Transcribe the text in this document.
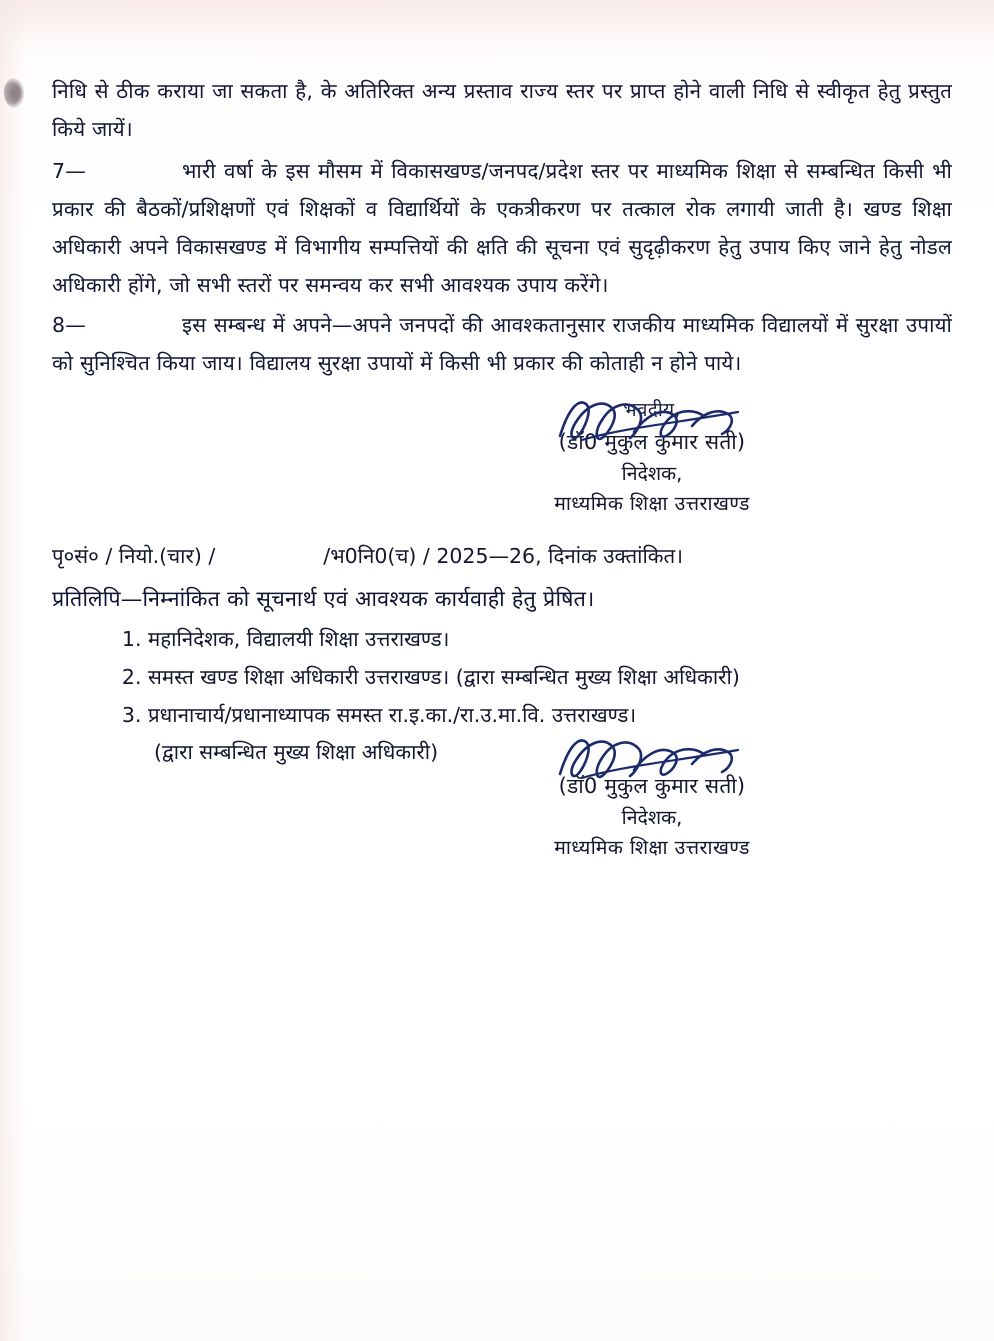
निधि से ठीक कराया जा सकता है, के अतिरिक्त अन्य प्रस्ताव राज्य स्तर पर प्राप्त होने वाली निधि से स्वीकृत हेतु प्रस्तुत किये जायें।

7—	भारी वर्षा के इस मौसम में विकासखण्ड/जनपद/प्रदेश स्तर पर माध्यमिक शिक्षा से सम्बन्धित किसी भी प्रकार की बैठकों/प्रशिक्षणों एवं शिक्षकों व विद्यार्थियों के एकत्रीकरण पर तत्काल रोक लगायी जाती है। खण्ड शिक्षा अधिकारी अपने विकासखण्ड में विभागीय सम्पत्तियों की क्षति की सूचना एवं सुदृढ़ीकरण हेतु उपाय किए जाने हेतु नोडल अधिकारी होंगे, जो सभी स्तरों पर समन्वय कर सभी आवश्यक उपाय करेंगे।

8—	इस सम्बन्ध में अपने—अपने जनपदों की आवश्कतानुसार राजकीय माध्यमिक विद्यालयों में सुरक्षा उपायों को सुनिश्चित किया जाय। विद्यालय सुरक्षा उपायों में किसी भी प्रकार की कोताही न होने पाये।

भवदीय,
(डॉ0 मुकुल कुमार सती)
निदेशक,
माध्यमिक शिक्षा उत्तराखण्ड
पृ०सं० / नियो.(चार) /	/भ0नि0(च) / 2025—26, दिनांक उक्तांकित।
प्रतिलिपि—निम्नांकित को सूचनार्थ एवं आवश्यक कार्यवाही हेतु प्रेषित।
1. महानिदेशक, विद्यालयी शिक्षा उत्तराखण्ड।
2. समस्त खण्ड शिक्षा अधिकारी उत्तराखण्ड। (द्वारा सम्बन्धित मुख्य शिक्षा अधिकारी)
3. प्रधानाचार्य/प्रधानाध्यापक समस्त रा.इ.का./रा.उ.मा.वि. उत्तराखण्ड।
(द्वारा सम्बन्धित मुख्य शिक्षा अधिकारी)
(डॉ0 मुकुल कुमार सती)
निदेशक,
माध्यमिक शिक्षा उत्तराखण्ड
